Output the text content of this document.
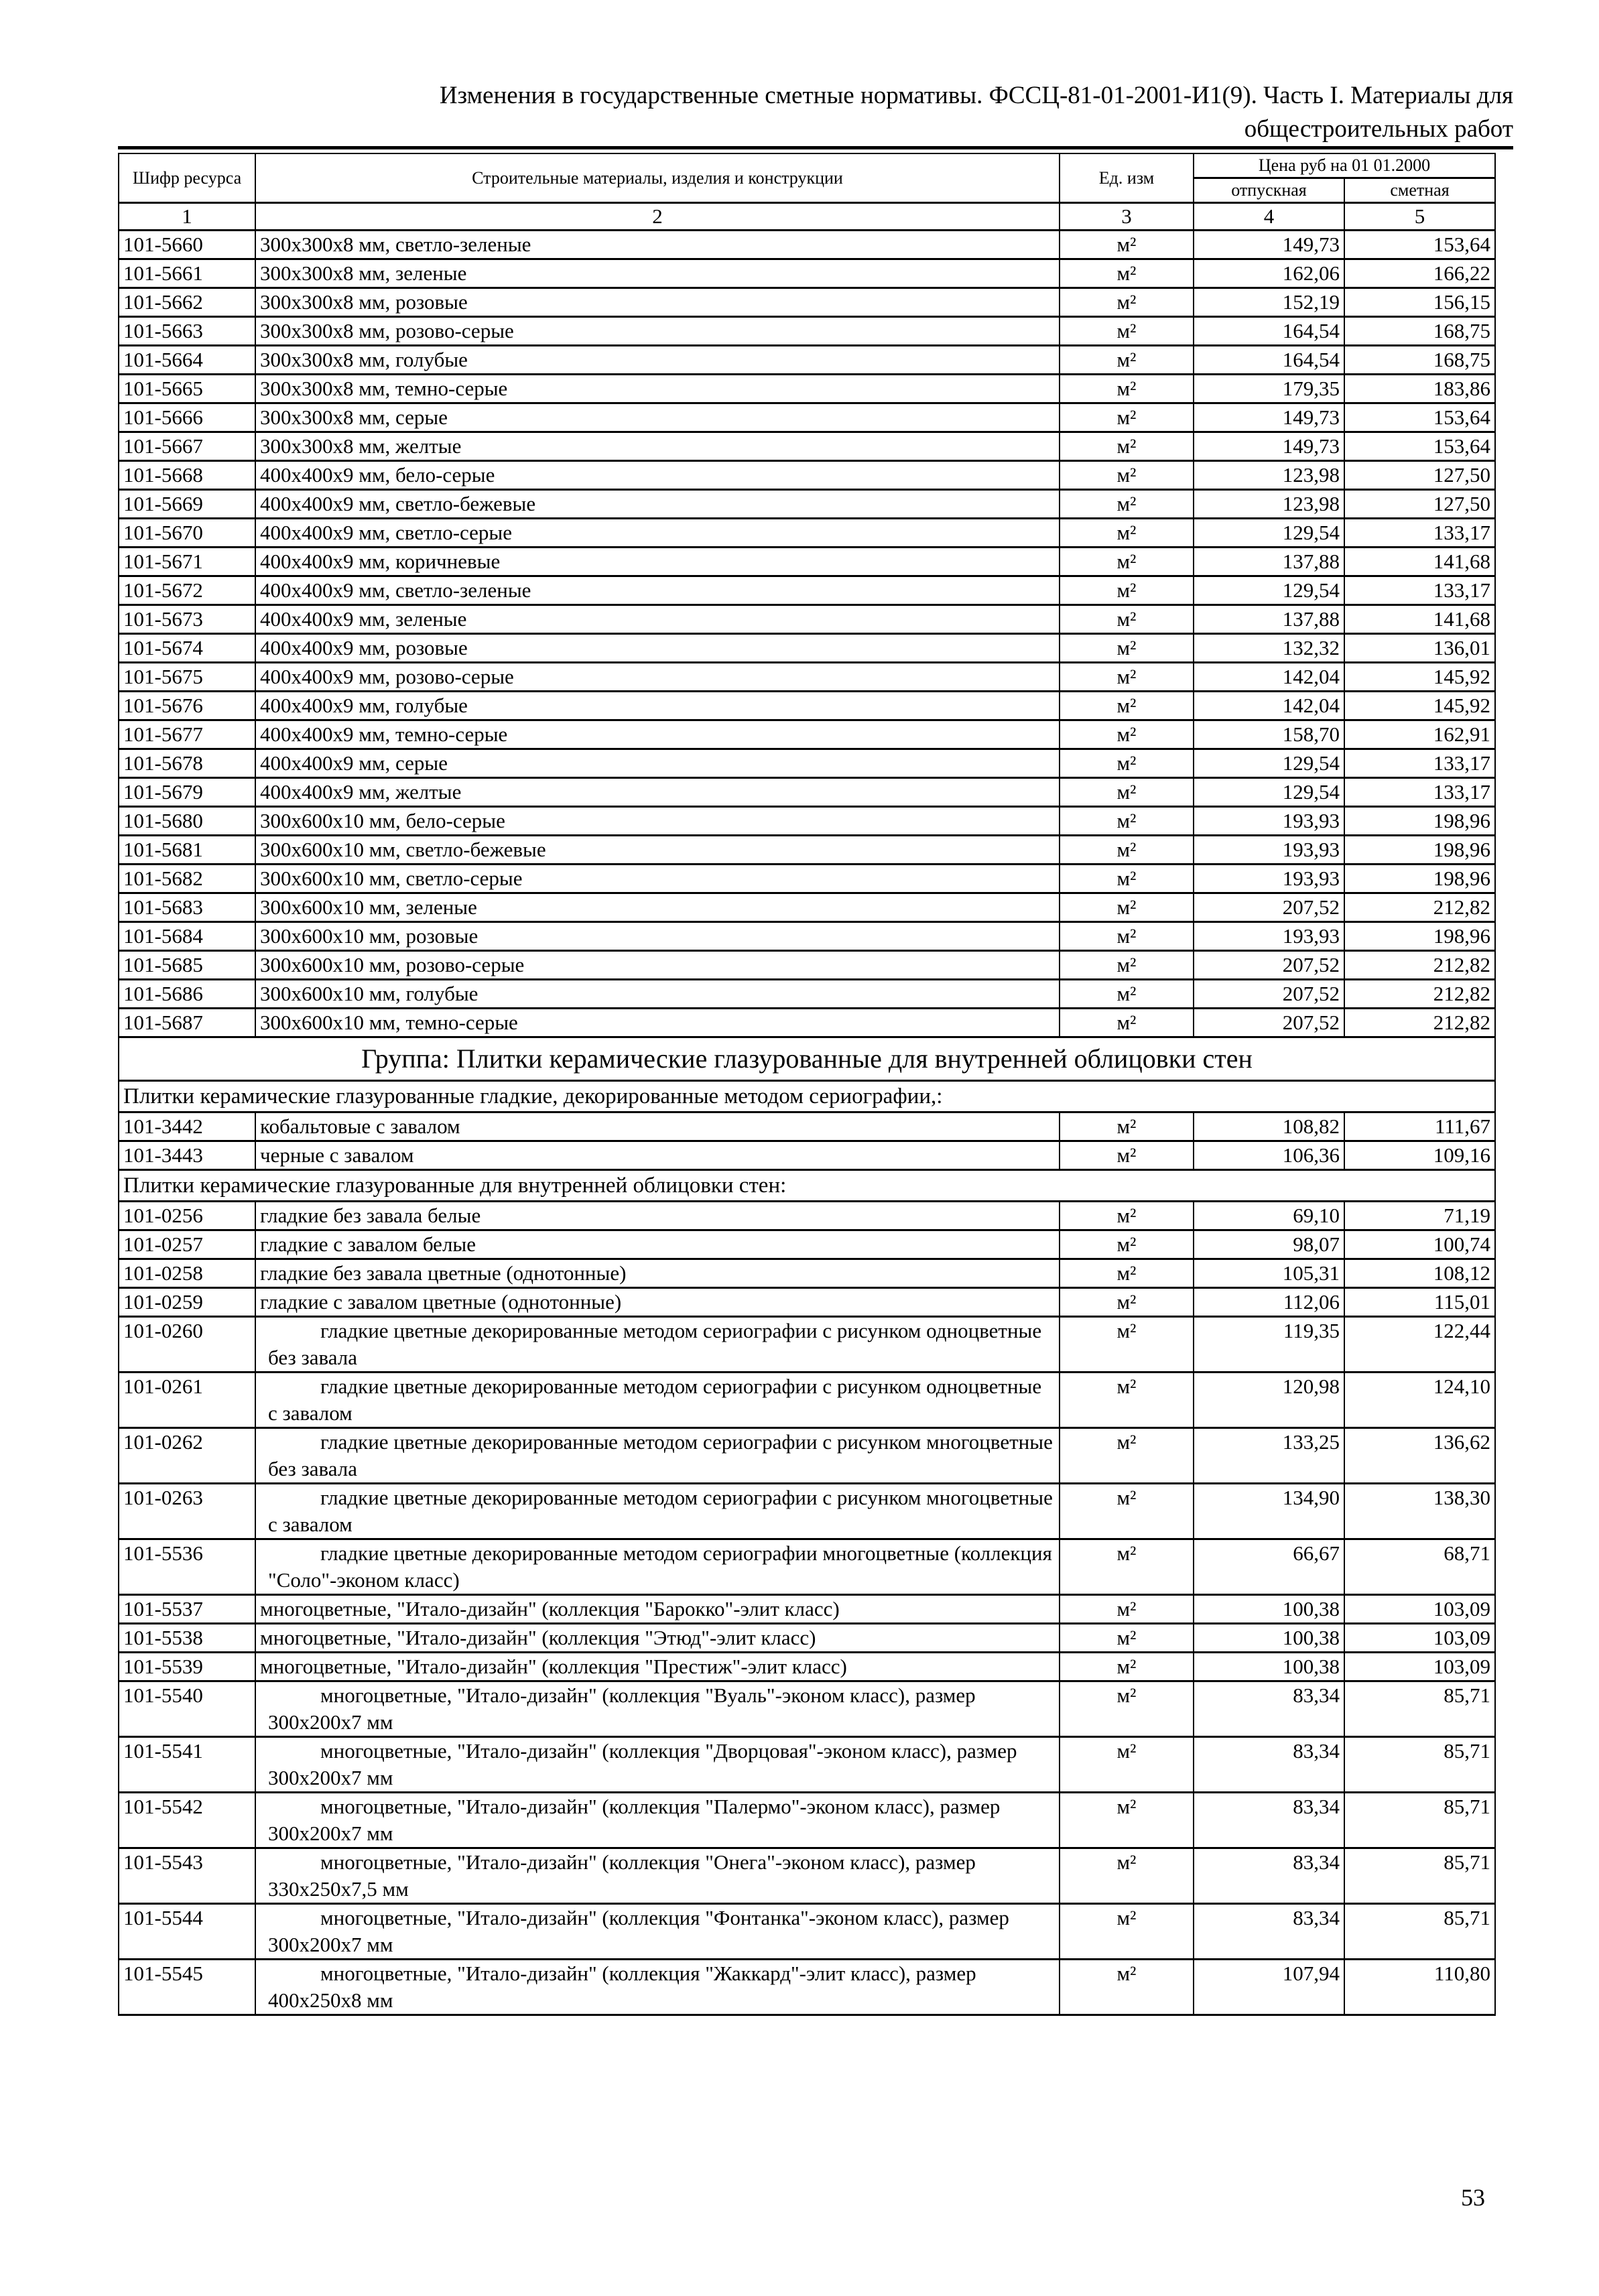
Изменения в государственные сметные нормативы. ФССЦ-81-01-2001-И1(9). Часть I. Материалы для
общестроительных работ
Шифр ресурса	Строительные материалы, изделия и конструкции	Ед. изм	Цена руб на 01 01.2000	
			отпускная	сметная
1	2	3	4	5
101-5660	300x300x8 мм, светло-зеленые	м²	149,73	153,64
101-5661	300x300x8 мм, зеленые	м²	162,06	166,22
101-5662	300x300x8 мм, розовые	м²	152,19	156,15
101-5663	300x300x8 мм, розово-серые	м²	164,54	168,75
101-5664	300x300x8 мм, голубые	м²	164,54	168,75
101-5665	300x300x8 мм, темно-серые	м²	179,35	183,86
101-5666	300x300x8 мм, серые	м²	149,73	153,64
101-5667	300x300x8 мм, желтые	м²	149,73	153,64
101-5668	400x400x9 мм, бело-серые	м²	123,98	127,50
101-5669	400x400x9 мм, светло-бежевые	м²	123,98	127,50
101-5670	400x400x9 мм, светло-серые	м²	129,54	133,17
101-5671	400x400x9 мм, коричневые	м²	137,88	141,68
101-5672	400x400x9 мм, светло-зеленые	м²	129,54	133,17
101-5673	400x400x9 мм, зеленые	м²	137,88	141,68
101-5674	400x400x9 мм, розовые	м²	132,32	136,01
101-5675	400x400x9 мм, розово-серые	м²	142,04	145,92
101-5676	400x400x9 мм, голубые	м²	142,04	145,92
101-5677	400x400x9 мм, темно-серые	м²	158,70	162,91
101-5678	400x400x9 мм, серые	м²	129,54	133,17
101-5679	400x400x9 мм, желтые	м²	129,54	133,17
101-5680	300x600x10 мм, бело-серые	м²	193,93	198,96
101-5681	300x600x10 мм, светло-бежевые	м²	193,93	198,96
101-5682	300x600x10 мм, светло-серые	м²	193,93	198,96
101-5683	300x600x10 мм, зеленые	м²	207,52	212,82
101-5684	300x600x10 мм, розовые	м²	193,93	198,96
101-5685	300x600x10 мм, розово-серые	м²	207,52	212,82
101-5686	300x600x10 мм, голубые	м²	207,52	212,82
101-5687	300x600x10 мм, темно-серые	м²	207,52	212,82
Группа: Плитки керамические глазурованные для внутренней облицовки стен				
Плитки керамические глазурованные гладкие, декорированные методом сериографии,:				
101-3442	кобальтовые с завалом	м²	108,82	111,67
101-3443	черные с завалом	м²	106,36	109,16
Плитки керамические глазурованные для внутренней облицовки стен:				
101-0256	гладкие без завала белые	м²	69,10	71,19
101-0257	гладкие с завалом белые	м²	98,07	100,74
101-0258	гладкие без завала цветные (однотонные)	м²	105,31	108,12
101-0259	гладкие с завалом цветные (однотонные)	м²	112,06	115,01
101-0260	гладкие цветные декорированные методом сериографии с рисунком одноцветные без завала	м²	119,35	122,44
101-0261	гладкие цветные декорированные методом сериографии с рисунком одноцветные с завалом	м²	120,98	124,10
101-0262	гладкие цветные декорированные методом сериографии с рисунком многоцветные без завала	м²	133,25	136,62
101-0263	гладкие цветные декорированные методом сериографии с рисунком многоцветные с завалом	м²	134,90	138,30
101-5536	гладкие цветные декорированные методом сериографии многоцветные (коллекция "Соло"-эконом класс)	м²	66,67	68,71
101-5537	многоцветные, "Итало-дизайн" (коллекция "Барокко"-элит класс)	м²	100,38	103,09
101-5538	многоцветные, "Итало-дизайн" (коллекция "Этюд"-элит класс)	м²	100,38	103,09
101-5539	многоцветные, "Итало-дизайн" (коллекция "Престиж"-элит класс)	м²	100,38	103,09
101-5540	многоцветные, "Итало-дизайн" (коллекция "Вуаль"-эконом класс), размер 300x200x7 мм	м²	83,34	85,71
101-5541	многоцветные, "Итало-дизайн" (коллекция "Дворцовая"-эконом класс), размер 300x200x7 мм	м²	83,34	85,71
101-5542	многоцветные, "Итало-дизайн" (коллекция "Палермо"-эконом класс), размер 300x200x7 мм	м²	83,34	85,71
101-5543	многоцветные, "Итало-дизайн" (коллекция "Онега"-эконом класс), размер 330x250x7,5 мм	м²	83,34	85,71
101-5544	многоцветные, "Итало-дизайн" (коллекция "Фонтанка"-эконом класс), размер 300x200x7 мм	м²	83,34	85,71
101-5545	многоцветные, "Итало-дизайн" (коллекция "Жаккард"-элит класс), размер 400x250x8 мм	м²	107,94	110,80
53
